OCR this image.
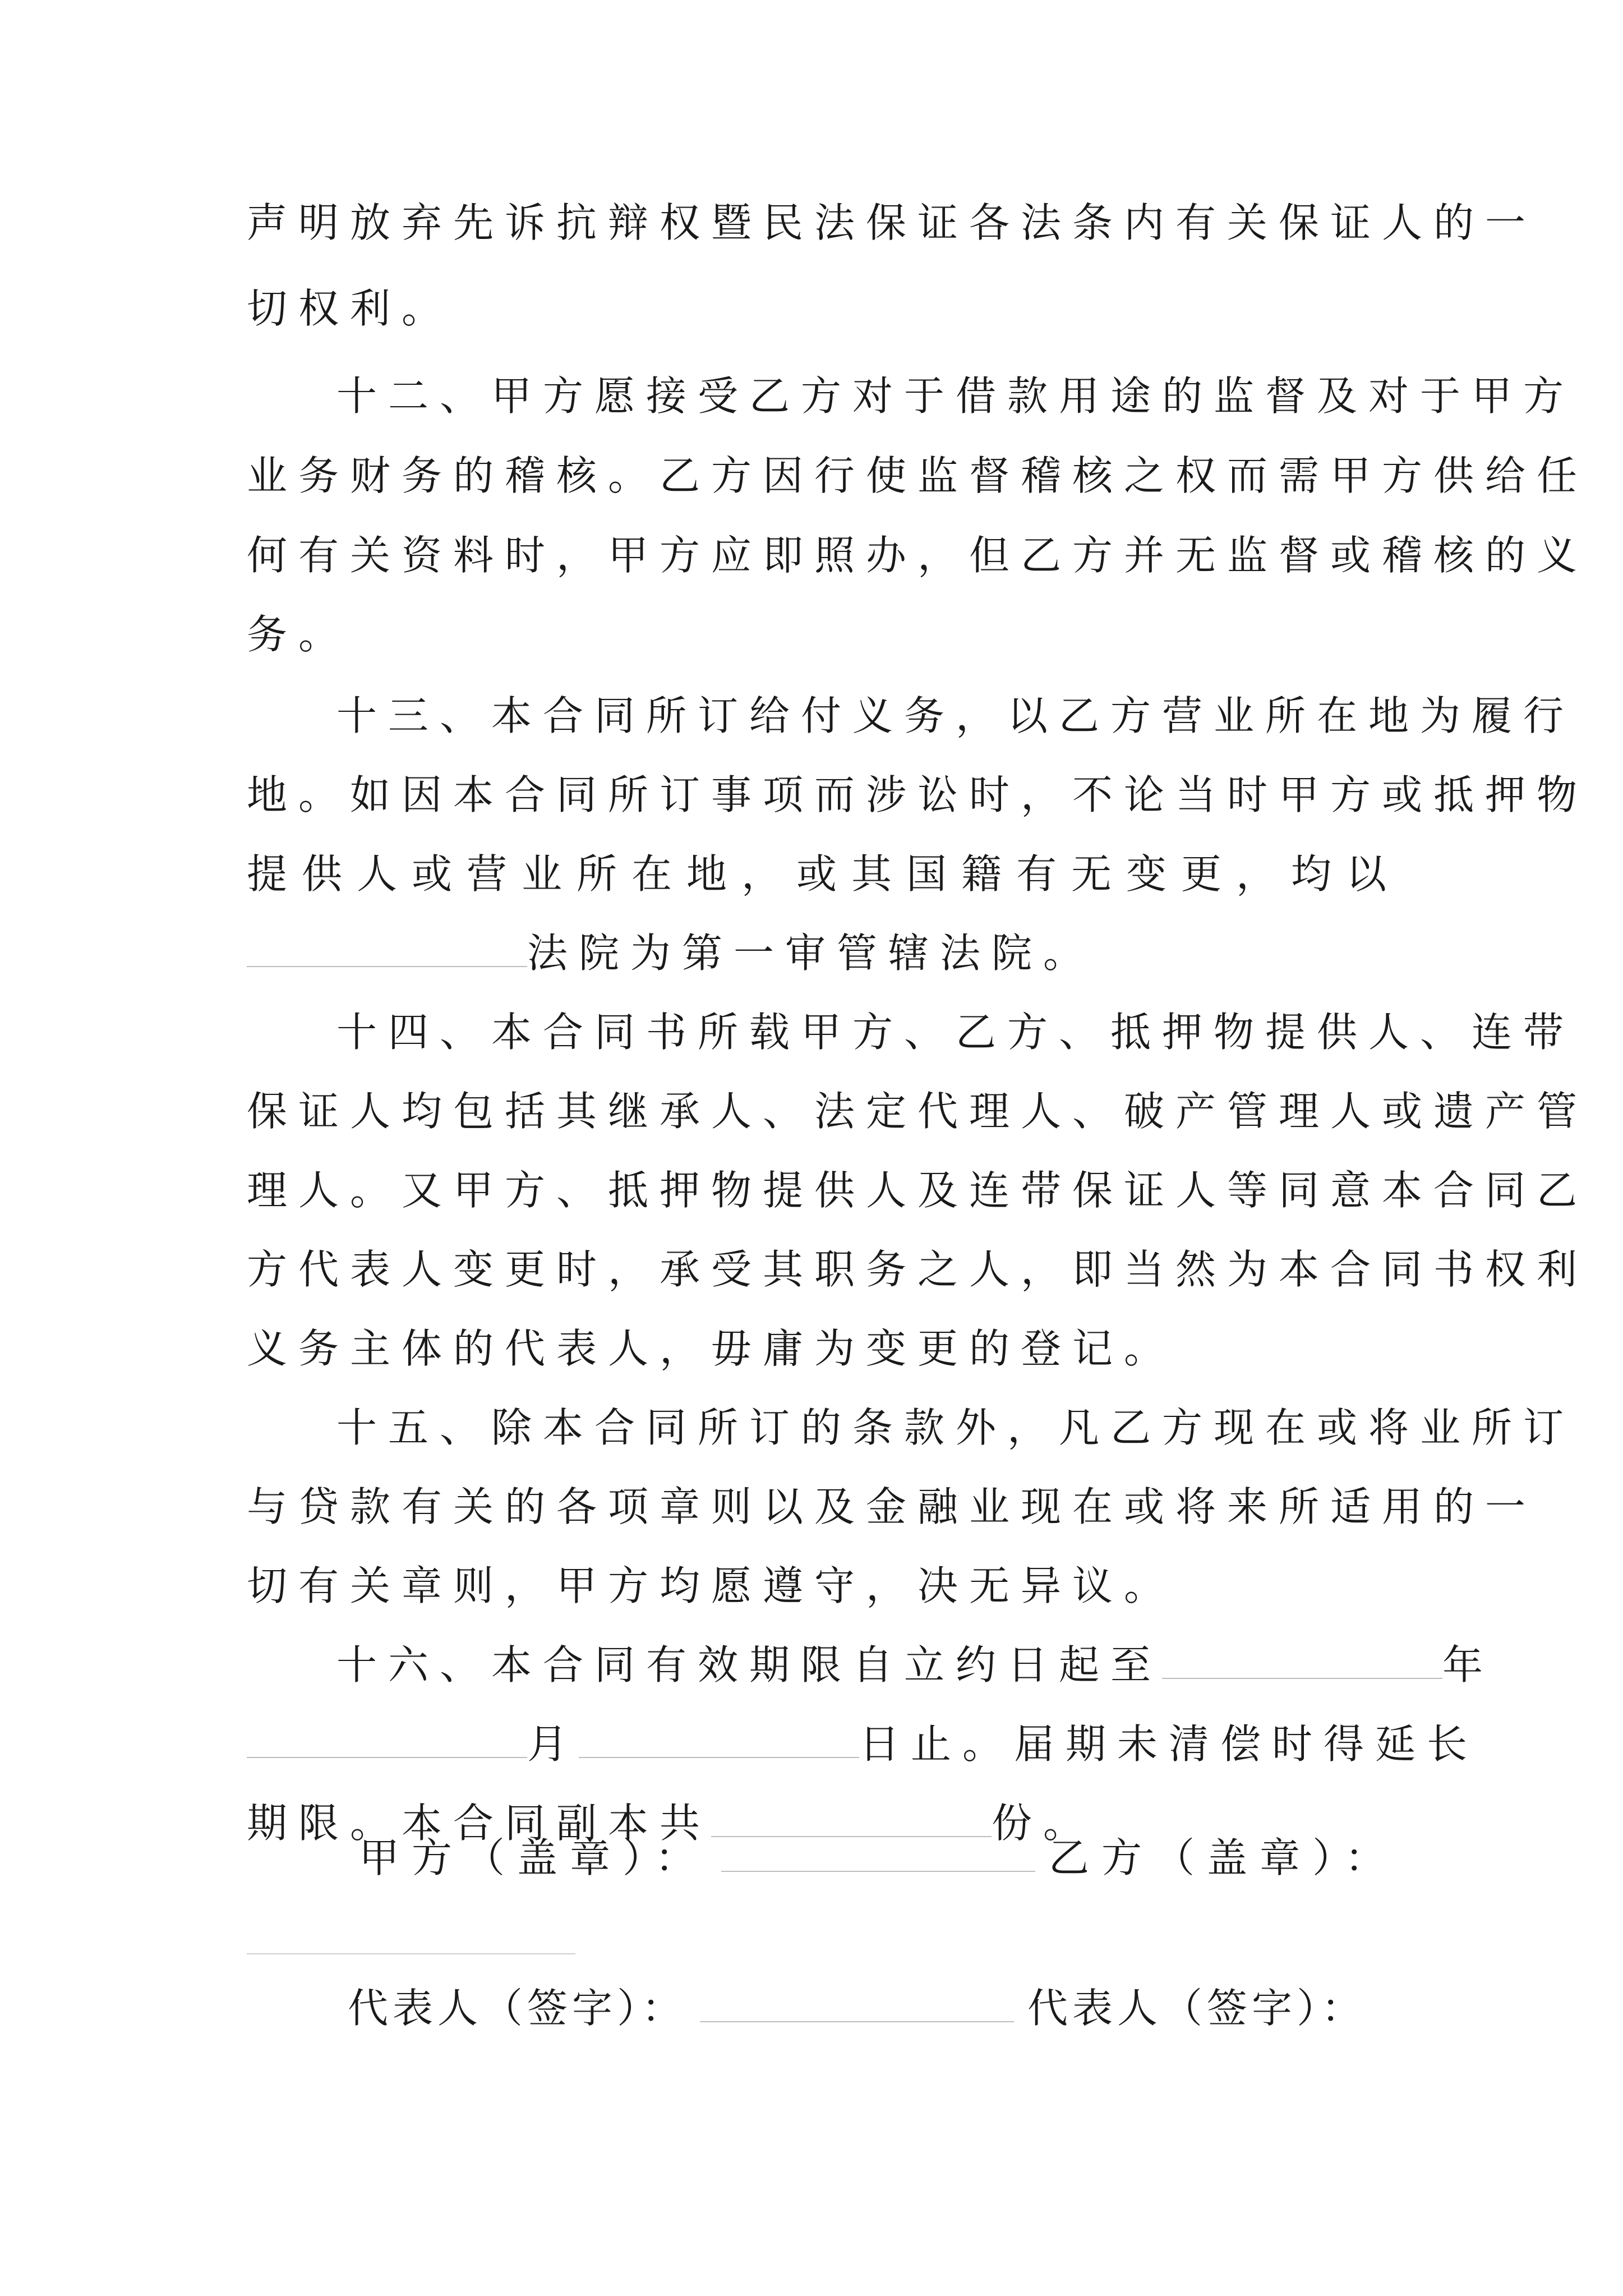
声明放弃先诉抗辩权暨民法保证各法条内有关保证人的一
切权利。
十二、甲方愿接受乙方对于借款用途的监督及对于甲方
业务财务的稽核。乙方因行使监督稽核之权而需甲方供给任
何有关资料时，甲方应即照办，但乙方并无监督或稽核的义
务。
十三、本合同所订给付义务，以乙方营业所在地为履行
地。如因本合同所订事项而涉讼时，不论当时甲方或抵押物
提供人或营业所在地，或其国籍有无变更，均以
法院为第一审管辖法院。
十四、本合同书所载甲方、乙方、抵押物提供人、连带
保证人均包括其继承人、法定代理人、破产管理人或遗产管
理人。又甲方、抵押物提供人及连带保证人等同意本合同乙
方代表人变更时，承受其职务之人，即当然为本合同书权利
义务主体的代表人，毋庸为变更的登记。
十五、除本合同所订的条款外，凡乙方现在或将业所订
与贷款有关的各项章则以及金融业现在或将来所适用的一
切有关章则，甲方均愿遵守，决无异议。
十六、本合同有效期限自立约日起至	年
月	日止。届期未清偿时得延长
期限。本合同副本共	份。
甲方（盖章）：	乙方（盖章）：
代表人（签字）：	代表人（签字）：
